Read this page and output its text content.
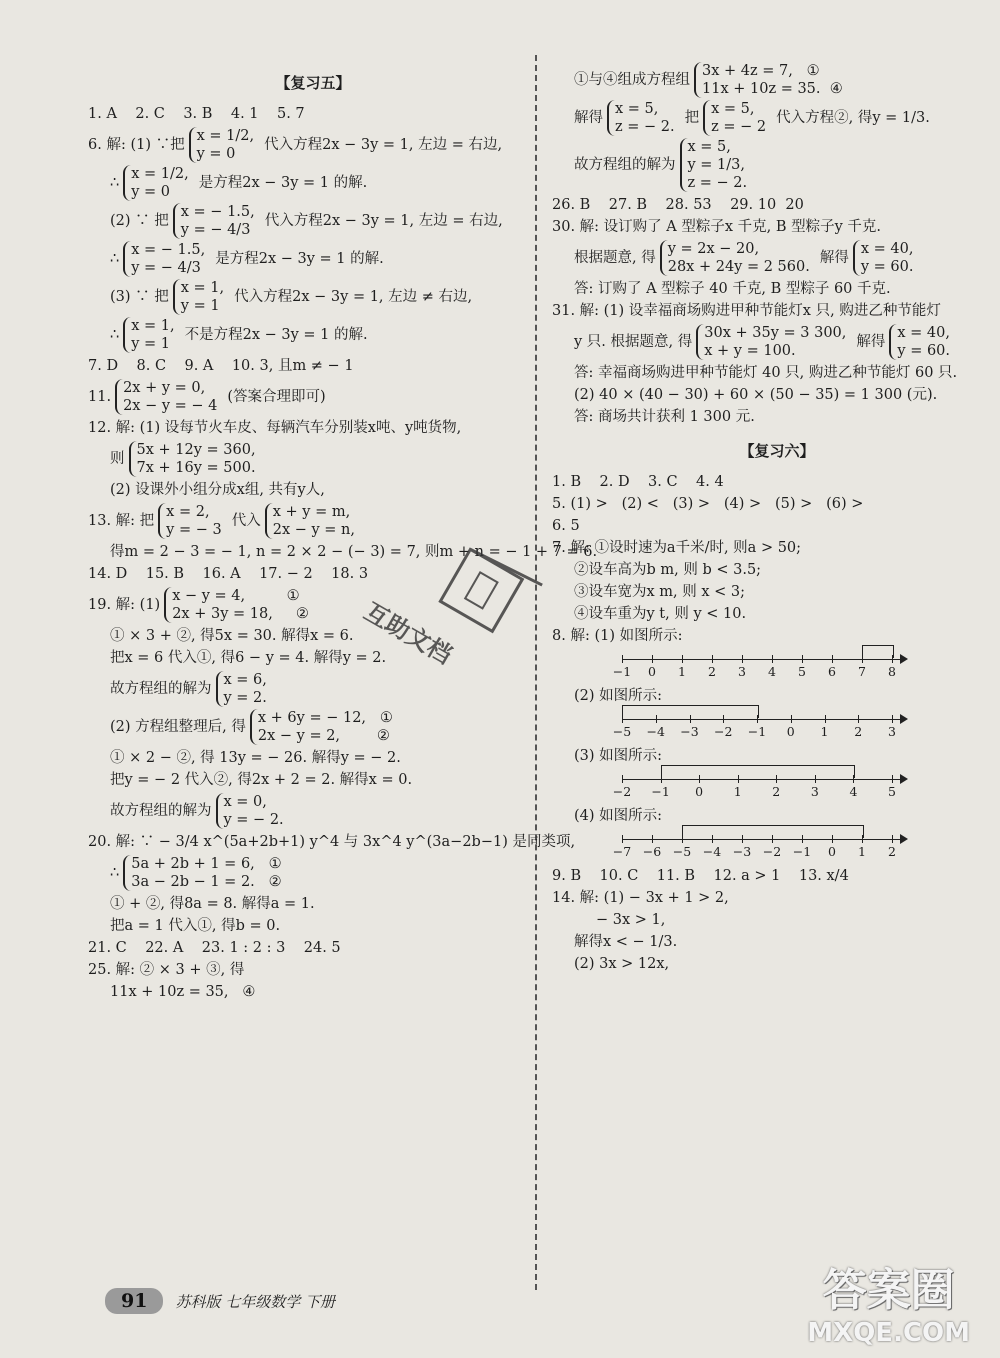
【复习五】
1. A    2. C    3. B    4. 1    5. 7
6. 解: (1) ∵把
x = 1/2,
y = 0
代入方程2x − 3y = 1, 左边 = 右边,
∴
x = 1/2,
y = 0
是方程2x − 3y = 1 的解.
(2) ∵ 把
x = − 1.5,
y = − 4/3
代入方程2x − 3y = 1, 左边 = 右边,
∴
x = − 1.5,
y = − 4/3
是方程2x − 3y = 1 的解.
(3) ∵ 把
x = 1,
y = 1
代入方程2x − 3y = 1, 左边 ≠ 右边,
∴
x = 1,
y = 1
不是方程2x − 3y = 1 的解.
7. D    8. C    9. A    10. 3, 且m ≠ − 1
11.
2x + y = 0,
2x − y = − 4
(答案合理即可)
12. 解: (1) 设每节火车皮、每辆汽车分别装x吨、y吨货物,
则
5x + 12y = 360,
7x + 16y = 500.
(2) 设课外小组分成x组, 共有y人,
13. 解: 把
x = 2,
y = − 3
代入
x + y = m,
2x − y = n,
得m = 2 − 3 = − 1, n = 2 × 2 − (− 3) = 7, 则m + n = − 1 + 7 = 6.
14. D    15. B    16. A    17. − 2    18. 3
19. 解: (1)
x − y = 4,         ①
2x + 3y = 18,     ②
① × 3 + ②, 得5x = 30. 解得x = 6.
把x = 6 代入①, 得6 − y = 4. 解得y = 2.
故方程组的解为
x = 6,
y = 2.
(2) 方程组整理后, 得
x + 6y = − 12,   ①
2x − y = 2,        ②
① × 2 − ②, 得 13y = − 26. 解得y = − 2.
把y = − 2 代入②, 得2x + 2 = 2. 解得x = 0.
故方程组的解为
x = 0,
y = − 2.
20. 解: ∵ − 3/4 x^(5a+2b+1) y^4 与 3x^4 y^(3a−2b−1) 是同类项,
∴
5a + 2b + 1 = 6,   ①
3a − 2b − 1 = 2.   ②
① + ②, 得8a = 8. 解得a = 1.
把a = 1 代入①, 得b = 0.
21. C    22. A    23. 1 : 2 : 3    24. 5
25. 解: ② × 3 + ③, 得
11x + 10z = 35,   ④
①与④组成方程组
3x + 4z = 7,   ①
11x + 10z = 35.  ④
解得
x = 5,
z = − 2.
把
x = 5,
z = − 2
代入方程②, 得y = 1/3.
故方程组的解为
x = 5,
y = 1/3,
z = − 2.
26. B    27. B    28. 53    29. 10  20
30. 解: 设订购了 A 型粽子x 千克, B 型粽子y 千克.
根据题意, 得
y = 2x − 20,
28x + 24y = 2 560.
解得
x = 40,
y = 60.
答: 订购了 A 型粽子 40 千克, B 型粽子 60 千克.
31. 解: (1) 设幸福商场购进甲种节能灯x 只, 购进乙种节能灯
y 只. 根据题意, 得
30x + 35y = 3 300,
x + y = 100.
解得
x = 40,
y = 60.
答: 幸福商场购进甲种节能灯 40 只, 购进乙种节能灯 60 只.
(2) 40 × (40 − 30) + 60 × (50 − 35) = 1 300 (元).
答: 商场共计获利 1 300 元.
【复习六】
1. B    2. D    3. C    4. 4
5. (1) >   (2) <   (3) >   (4) >   (5) >   (6) >
6. 5
7. 解: ①设时速为a千米/时, 则a > 50;
②设车高为b m, 则 b < 3.5;
③设车宽为x m, 则 x < 3;
④设车重为y t, 则 y < 10.
8. 解: (1) 如图所示:
−1 0 1 2 3 4 5 6 7 8
(2) 如图所示:
−5 −4 −3 −2 −1 0 1 2 3
(3) 如图所示:
−2 −1 0 1 2 3 4 5
(4) 如图所示:
−7 −6 −5 −4 −3 −2 −1 0 1 2
9. B    10. C    11. B    12. a > 1    13. x/4
14. 解: (1) − 3x + 1 > 2,
− 3x > 1,
解得x < − 1/3.
(2) 3x > 12x,
互助文档
91	苏科版 七年级数学 下册	答案圈
MXQE.COM
